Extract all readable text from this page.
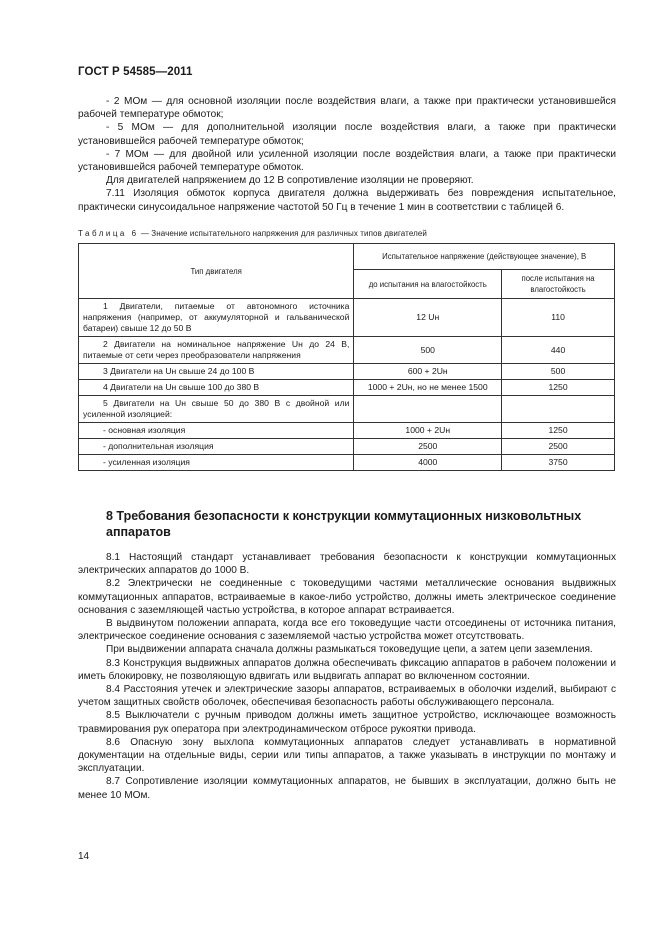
ГОСТ Р 54585—2011

- 2 МОм — для основной изоляции после воздействия влаги, а также при практически установившейся рабочей температуре обмоток;

- 5 МОм — для дополнительной изоляции после воздействия влаги, а также при практически установившейся рабочей температуре обмоток;

- 7 МОм — для двойной или усиленной изоляции после воздействия влаги, а также при практически установившейся рабочей температуре обмоток.

Для двигателей напряжением до 12 В сопротивление изоляции не проверяют.

7.11 Изоляция обмоток корпуса двигателя должна выдерживать без повреждения испытательное, практически синусоидальное напряжение частотой 50 Гц в течение 1 мин в соответствии с таблицей 6.

Таблица 6 — Значение испытательного напряжения для различных типов двигателей
Тип двигателя	Испытательное напряжение (действующее значение), В	
	до испытания на влагостойкость	после испытания на влагостойкость
1 Двигатели, питаемые от автономного источника напряжения (например, от аккумуляторной и гальванической батареи) свыше 12 до 50 В	12 Uн	110
2 Двигатели на номинальное напряжение Uн до 24 В, питаемые от сети через преобразователи напряжения	500	440
3 Двигатели на Uн свыше 24 до 100 В	600 + 2Uн	500
4 Двигатели на Uн свыше 100 до 380 В	1000 + 2Uн, но не менее 1500	1250
5 Двигатели на Uн свыше 50 до 380 В с двойной или усиленной изоляцией:		
- основная изоляция	1000 + 2Uн	1250
- дополнительная изоляция	2500	2500
- усиленная изоляция	4000	3750
8 Требования безопасности к конструкции коммутационных низковольтных аппаратов

8.1 Настоящий стандарт устанавливает требования безопасности к конструкции коммутационных электрических аппаратов до 1000 В.

8.2 Электрически не соединенные с токоведущими частями металлические основания выдвижных коммутационных аппаратов, встраиваемые в какое-либо устройство, должны иметь электрическое соединение основания с заземляющей частью устройства, в которое аппарат встраивается.

В выдвинутом положении аппарата, когда все его токоведущие части отсоединены от источника питания, электрическое соединение основания с заземляемой частью устройства может отсутствовать.

При выдвижении аппарата сначала должны размыкаться токоведущие цепи, а затем цепи заземления.

8.3 Конструкция выдвижных аппаратов должна обеспечивать фиксацию аппаратов в рабочем положении и иметь блокировку, не позволяющую вдвигать или выдвигать аппарат во включенном состоянии.

8.4 Расстояния утечек и электрические зазоры аппаратов, встраиваемых в оболочки изделий, выбирают с учетом защитных свойств оболочек, обеспечивая безопасность работы обслуживающего персонала.

8.5 Выключатели с ручным приводом должны иметь защитное устройство, исключающее возможность травмирования рук оператора при электродинамическом отбросе рукоятки привода.

8.6 Опасную зону выхлопа коммутационных аппаратов следует устанавливать в нормативной документации на отдельные виды, серии или типы аппаратов, а также указывать в инструкции по монтажу и эксплуатации.

8.7 Сопротивление изоляции коммутационных аппаратов, не бывших в эксплуатации, должно быть не менее 10 МОм.

14
